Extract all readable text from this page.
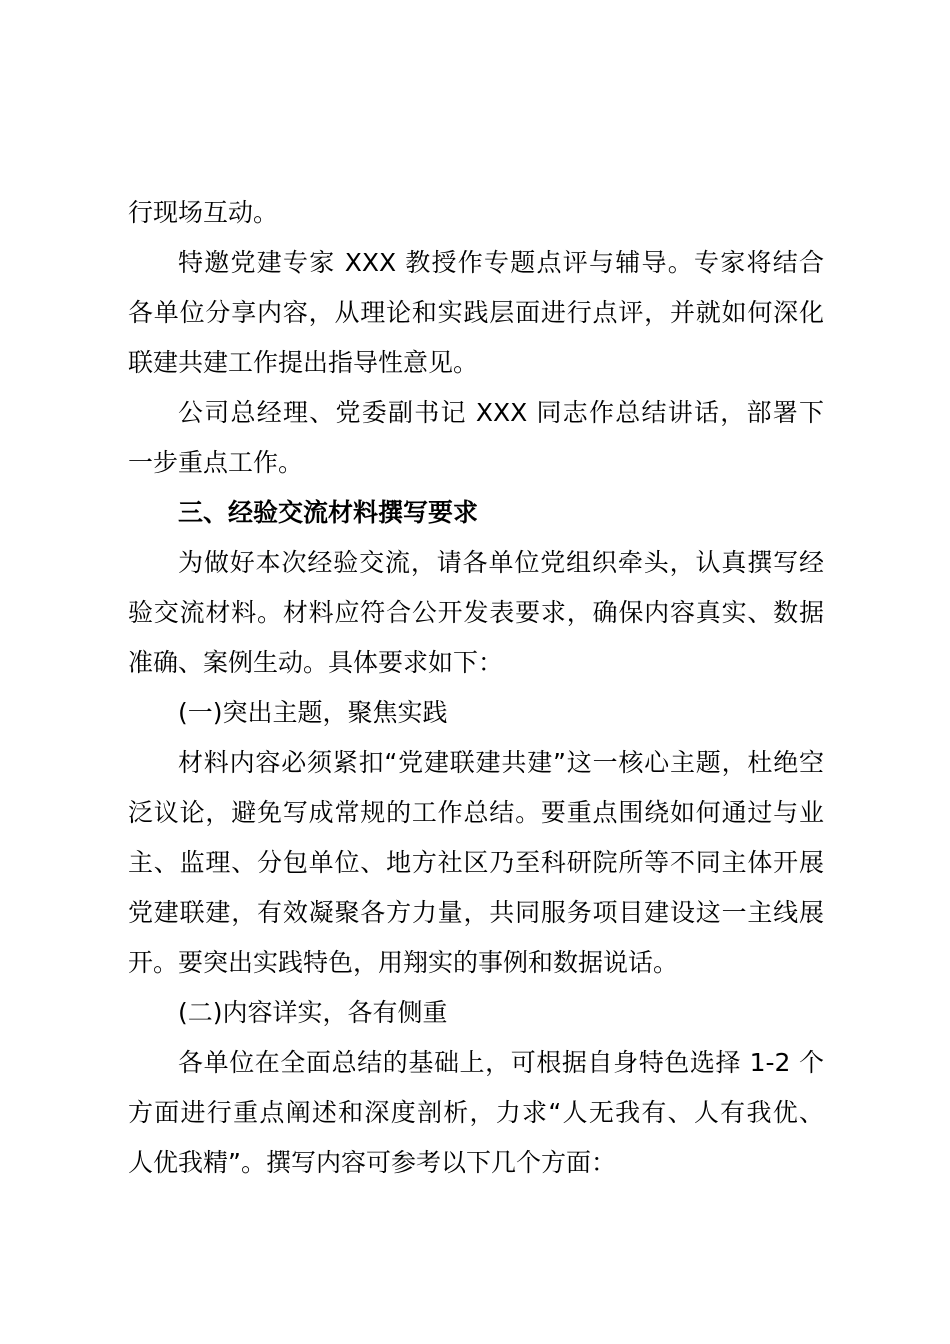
行现场互动。
特邀党建专家 XXX 教授作专题点评与辅导。专家将结合
各单位分享内容，从理论和实践层面进行点评，并就如何深化
联建共建工作提出指导性意见。
公司总经理、党委副书记 XXX 同志作总结讲话，部署下
一步重点工作。
三、经验交流材料撰写要求
为做好本次经验交流，请各单位党组织牵头，认真撰写经
验交流材料。材料应符合公开发表要求，确保内容真实、数据
准确、案例生动。具体要求如下：
(一)突出主题，聚焦实践
材料内容必须紧扣“党建联建共建”这一核心主题，杜绝空
泛议论，避免写成常规的工作总结。要重点围绕如何通过与业
主、监理、分包单位、地方社区乃至科研院所等不同主体开展
党建联建，有效凝聚各方力量，共同服务项目建设这一主线展
开。要突出实践特色，用翔实的事例和数据说话。
(二)内容详实，各有侧重
各单位在全面总结的基础上，可根据自身特色选择 1-2 个
方面进行重点阐述和深度剖析，力求“人无我有、人有我优、
人优我精”。撰写内容可参考以下几个方面：
